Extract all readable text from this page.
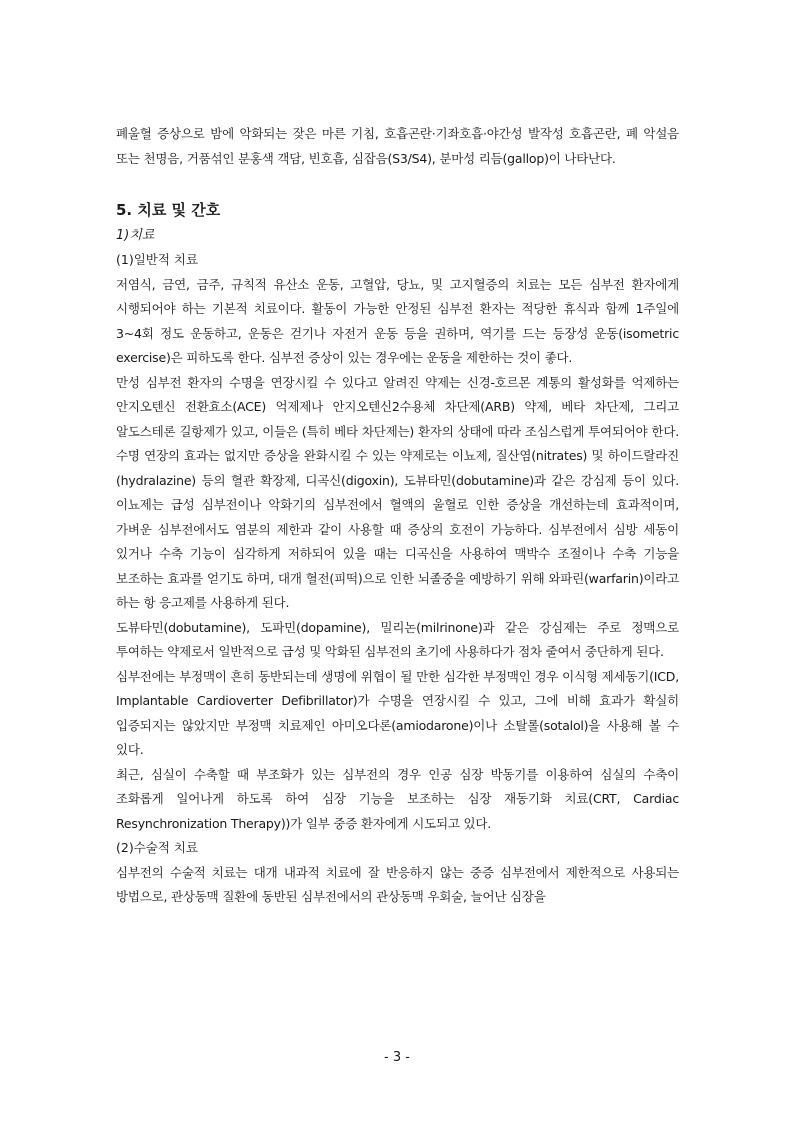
폐울혈 증상으로 밤에 악화되는 잦은 마른 기침, 호흡곤란·기좌호흡·야간성 발작성 호흡곤란, 폐 악설음 또는 천명음, 거품섞인 분홍색 객담, 빈호흡, 심잡음(S3/S4), 분마성 리듬(gallop)이 나타난다.

5. 치료 및 간호

1)치료

(1)일반적 치료

저염식, 금연, 금주, 규칙적 유산소 운동, 고혈압, 당뇨, 및 고지혈증의 치료는 모든 심부전 환자에게 시행되어야 하는 기본적 치료이다. 활동이 가능한 안정된 심부전 환자는 적당한 휴식과 함께 1주일에 3~4회 정도 운동하고, 운동은 걷기나 자전거 운동 등을 권하며, 역기를 드는 등장성 운동(isometric exercise)은 피하도록 한다. 심부전 증상이 있는 경우에는 운동을 제한하는 것이 좋다.

만성 심부전 환자의 수명을 연장시킬 수 있다고 알려진 약제는 신경-호르몬 계통의 활성화를 억제하는 안지오텐신 전환효소(ACE) 억제제나 안지오텐신2수용체 차단제(ARB) 약제, 베타 차단제, 그리고 알도스테론 길항제가 있고, 이들은 (특히 베타 차단제는) 환자의 상태에 따라 조심스럽게 투여되어야 한다. 수명 연장의 효과는 없지만 증상을 완화시킬 수 있는 약제로는 이뇨제, 질산염(nitrates) 및 하이드랄라진(hydralazine) 등의 혈관 확장제, 디곡신(digoxin), 도뷰타민(dobutamine)과 같은 강심제 등이 있다. 이뇨제는 급성 심부전이나 악화기의 심부전에서 혈액의 울혈로 인한 증상을 개선하는데 효과적이며, 가벼운 심부전에서도 염분의 제한과 같이 사용할 때 증상의 호전이 가능하다. 심부전에서 심방 세동이 있거나 수축 기능이 심각하게 저하되어 있을 때는 디곡신을 사용하여 맥박수 조절이나 수축 기능을 보조하는 효과를 얻기도 하며, 대개 혈전(피떡)으로 인한 뇌졸중을 예방하기 위해 와파린(warfarin)이라고 하는 항 응고제를 사용하게 된다.

도뷰타민(dobutamine), 도파민(dopamine), 밀리논(milrinone)과 같은 강심제는 주로 정맥으로 투여하는 약제로서 일반적으로 급성 및 악화된 심부전의 초기에 사용하다가 점차 줄여서 중단하게 된다.

심부전에는 부정맥이 흔히 동반되는데 생명에 위협이 될 만한 심각한 부정맥인 경우 이식형 제세동기(ICD, Implantable Cardioverter Defibrillator)가 수명을 연장시킬 수 있고, 그에 비해 효과가 확실히 입증되지는 않았지만 부정맥 치료제인 아미오다론(amiodarone)이나 소탈롤(sotalol)을 사용해 볼 수 있다.

최근, 심실이 수축할 때 부조화가 있는 심부전의 경우 인공 심장 박동기를 이용하여 심실의 수축이 조화롭게 일어나게 하도록 하여 심장 기능을 보조하는 심장 재동기화 치료(CRT, Cardiac Resynchronization Therapy))가 일부 중증 환자에게 시도되고 있다.

(2)수술적 치료

심부전의 수술적 치료는 대개 내과적 치료에 잘 반응하지 않는 중증 심부전에서 제한적으로 사용되는 방법으로, 관상동맥 질환에 동반된 심부전에서의 관상동맥 우회술, 늘어난 심장을

- 3 -
